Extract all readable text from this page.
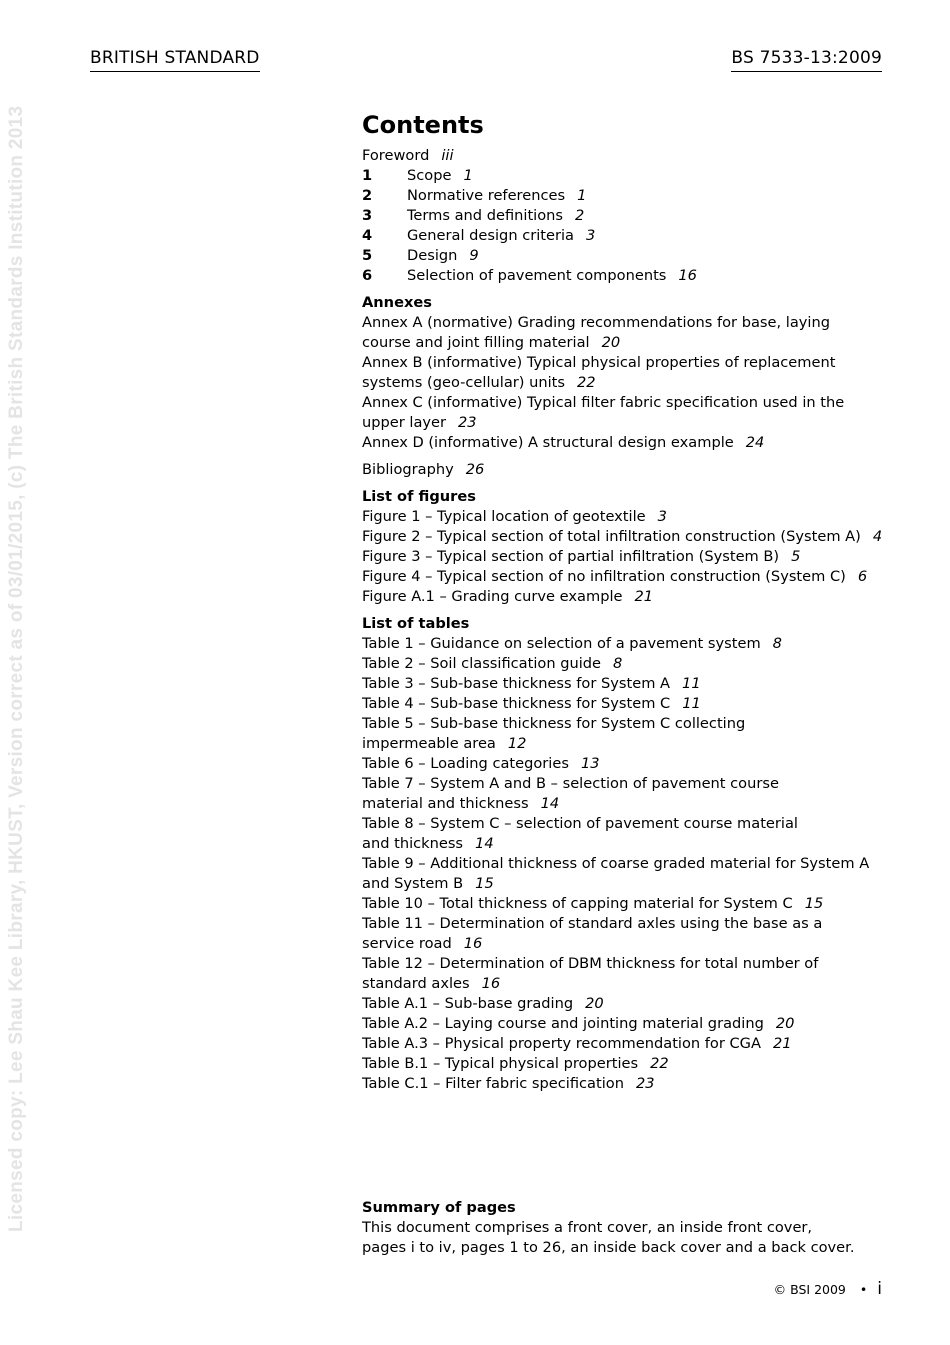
BRITISH STANDARD	BS 7533-13:2009
Licensed copy: Lee Shau Kee Library, HKUST, Version correct as of 03/01/2015, (c) The British Standards Institution 2013	Contents
Foreword iii
1 Scope 1
2 Normative references 1
3 Terms and definitions 2
4 General design criteria 3
5 Design 9
6 Selection of pavement components 16
Annexes
Annex A (normative) Grading recommendations for base, laying
course and joint filling material 20
Annex B (informative) Typical physical properties of replacement
systems (geo-cellular) units 22
Annex C (informative) Typical filter fabric specification used in the
upper layer 23
Annex D (informative) A structural design example 24
Bibliography 26
List of figures
Figure 1 – Typical location of geotextile 3
Figure 2 – Typical section of total infiltration construction (System A) 4
Figure 3 – Typical section of partial infiltration (System B) 5
Figure 4 – Typical section of no infiltration construction (System C) 6
Figure A.1 – Grading curve example 21
List of tables
Table 1 – Guidance on selection of a pavement system 8
Table 2 – Soil classification guide 8
Table 3 – Sub-base thickness for System A 11
Table 4 – Sub-base thickness for System C 11
Table 5 – Sub-base thickness for System C collecting
impermeable area 12
Table 6 – Loading categories 13
Table 7 – System A and B – selection of pavement course
material and thickness 14
Table 8 – System C – selection of pavement course material
and thickness 14
Table 9 – Additional thickness of coarse graded material for System A
and System B 15
Table 10 – Total thickness of capping material for System C 15
Table 11 – Determination of standard axles using the base as a
service road 16
Table 12 – Determination of DBM thickness for total number of
standard axles 16
Table A.1 – Sub-base grading 20
Table A.2 – Laying course and jointing material grading 20
Table A.3 – Physical property recommendation for CGA 21
Table B.1 – Typical physical properties 22
Table C.1 – Filter fabric specification 23
Summary of pages
This document comprises a front cover, an inside front cover,
pages i to iv, pages 1 to 26, an inside back cover and a back cover.
© BSI 2009 • i
